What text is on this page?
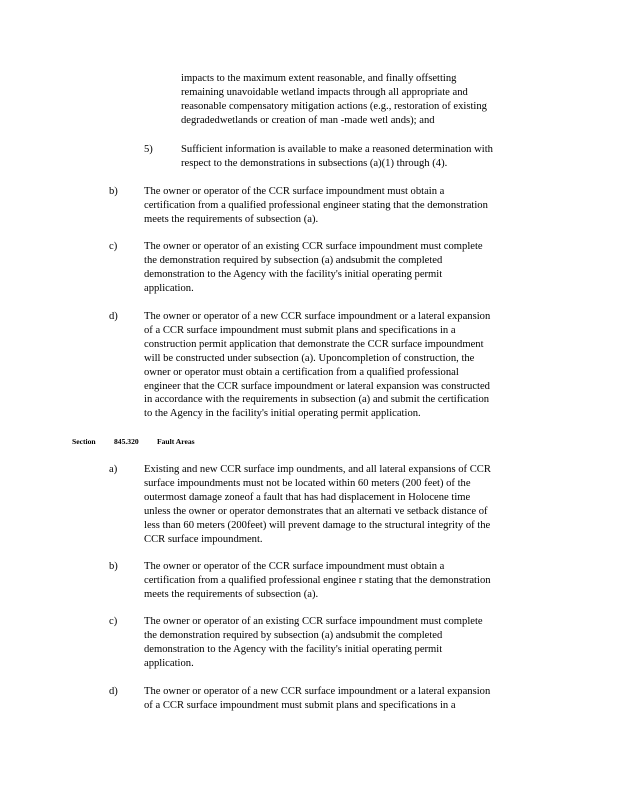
impacts to the maximum extent reasonable, and finally offsetting

remaining unavoidable wetland impacts through all appropriate and

reasonable compensatory mitigation actions (e.g., restoration of existing

degradedwetlands or creation of man -made wetl ands); and

5)	Sufficient information is available to make a reasoned determination with

respect to the demonstrations in subsections (a)(1) through (4).

b) The owner or operator of the CCR surface impoundment must obtain a

certification from a qualified professional engineer stating that the demonstration

meets the requirements of subsection (a).

c)	The owner or operator of an existing CCR surface impoundment must complete

the demonstration required by subsection (a) andsubmit the completed

demonstration to the Agency with the facility's initial operating permit

application.

d) The owner or operator of a new CCR surface impoundment or a lateral expansion

of a CCR surface impoundment must submit plans and specifications in a

construction permit application that demonstrate the CCR surface impoundment

will be constructed under subsection (a). Uponcompletion of construction, the

owner or operator must obtain a certification from a qualified professional

engineer that the CCR surface impoundment or lateral expansion was constructed

in accordance with the requirements in subsection (a) and submit the certification

to the Agency in the facility's initial operating permit application.

Section 845.320 Fault Areas
a)	Existing and new CCR surface imp oundments, and all lateral expansions of CCR

surface impoundments must not be located within 60 meters (200 feet) of the

outermost damage zoneof a fault that has had displacement in Holocene time

unless the owner or operator demonstrates that an alternati ve setback distance of

less than 60 meters (200feet) will prevent damage to the structural integrity of the

CCR surface impoundment.

b) The owner or operator of the CCR surface impoundment must obtain a

certification from a qualified professional enginee r stating that the demonstration

meets the requirements of subsection (a).

c)	The owner or operator of an existing CCR surface impoundment must complete

the demonstration required by subsection (a) andsubmit the completed

demonstration to the Agency with the facility's initial operating permit

application.

d) The owner or operator of a new CCR surface impoundment or a lateral expansion

of a CCR surface impoundment must submit plans and specifications in a
